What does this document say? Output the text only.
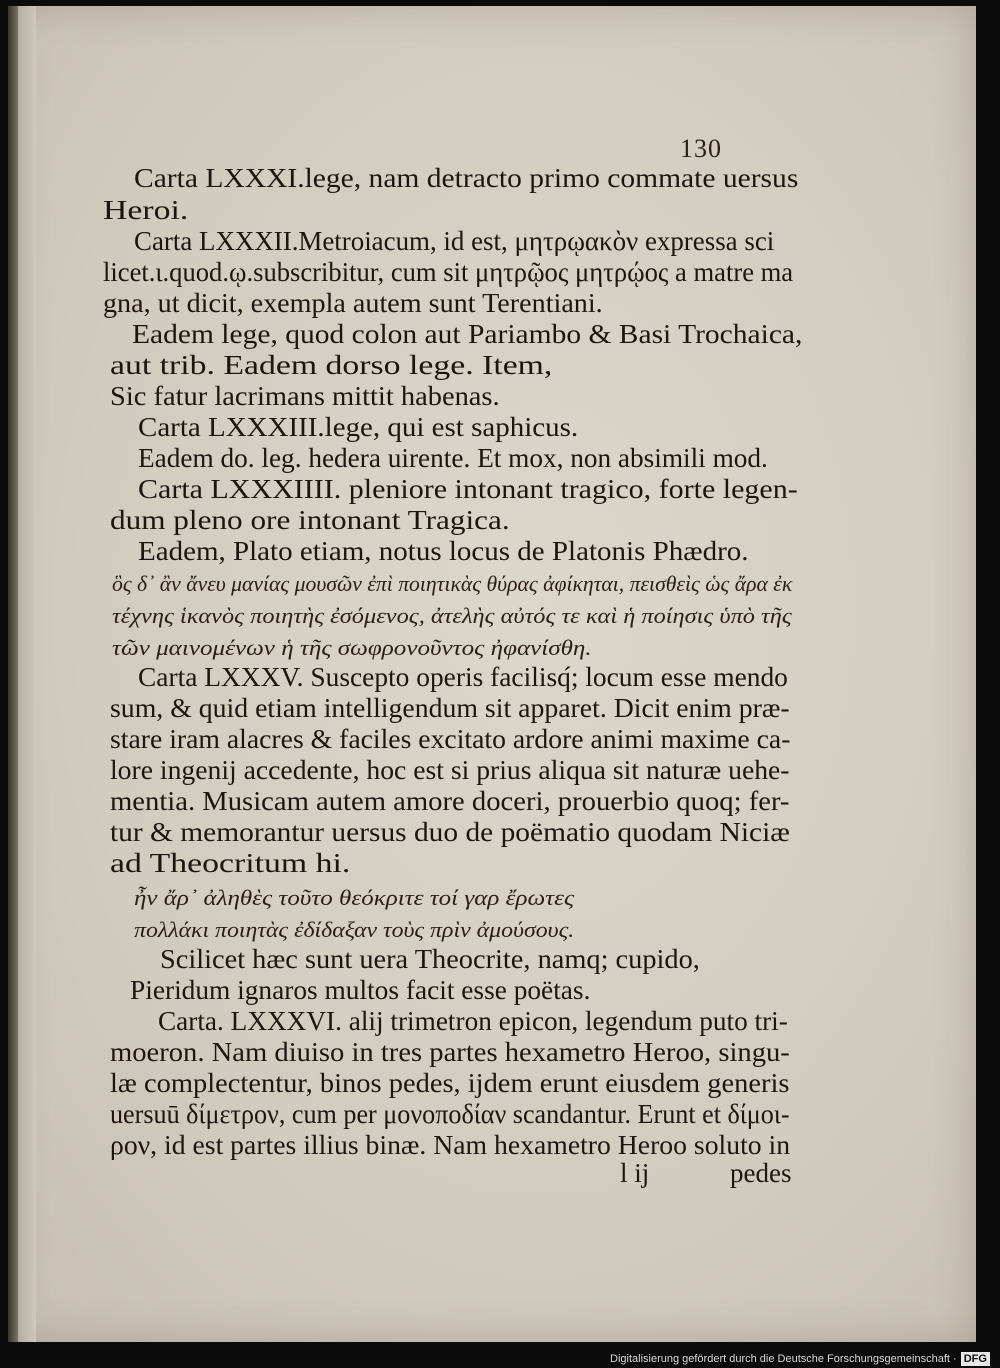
130
Carta LXXXI.lege, nam detracto primo commate uersus
Heroi.
Carta LXXXII.Metroiacum, id est, μητρῳακὸν expressa sci
licet.ι.quod.ῳ.subscribitur, cum sit μητρῷος μητρῴος a matre ma
gna, ut dicit, exempla autem sunt Terentiani.
Eadem lege, quod colon aut Pariambo & Basi Trochaica,
aut trib. Eadem dorso lege. Item,
Sic fatur lacrimans mittit habenas.
Carta LXXXIII.lege, qui est saphicus.
Eadem do. leg. hedera uirente. Et mox, non absimili mod.
Carta LXXXIIII. pleniore intonant tragico, forte legen-
dum pleno ore intonant Tragica.
Eadem, Plato etiam, notus locus de Platonis Phædro.
ὃς δ᾽ ἂν ἄνευ μανίας μουσῶν ἐπὶ ποιητικὰς θύρας ἀφίκηται, πεισθεὶς ὡς ἄρα ἐκ
τέχνης ἱκανὸς ποιητὴς ἐσόμενος, ἀτελὴς αὐτός τε καὶ ἡ ποίησις ὑπὸ τῆς
τῶν μαινομένων ἡ τῆς σωφρονοῦντος ἠφανίσθη.
Carta LXXXV. Suscepto operis facilisq́; locum esse mendo
sum, & quid etiam intelligendum sit apparet. Dicit enim præ-
stare iram alacres & faciles excitato ardore animi maxime ca-
lore ingenij accedente, hoc est si prius aliqua sit naturæ uehe-
mentia. Musicam autem amore doceri, prouerbio quoq; fer-
tur & memorantur uersus duo de poëmatio quodam Niciæ
ad Theocritum hi.
ἦν ἄρ᾽ ἀληθὲς τοῦτο θεόκριτε τοί γαρ ἔρωτες
πολλάκι ποιητὰς ἐδίδαξαν τοὺς πρὶν ἀμούσους.
Scilicet hæc sunt uera Theocrite, namq; cupido,
Pieridum ignaros multos facit esse poëtas.
Carta. LXXXVI. alij trimetron epicon, legendum puto tri-
moeron. Nam diuiso in tres partes hexametro Heroo, singu-
læ complectentur, binos pedes, ijdem erunt eiusdem generis
uersuū δίμετρον, cum per μονοποδίαν scandantur. Erunt et δίμοι-
ρον, id est partes illius binæ. Nam hexametro Heroo soluto in
l ij	pedes
Digitalisierung gefördert durch die Deutsche Forschungsgemeinschaft · DFG
